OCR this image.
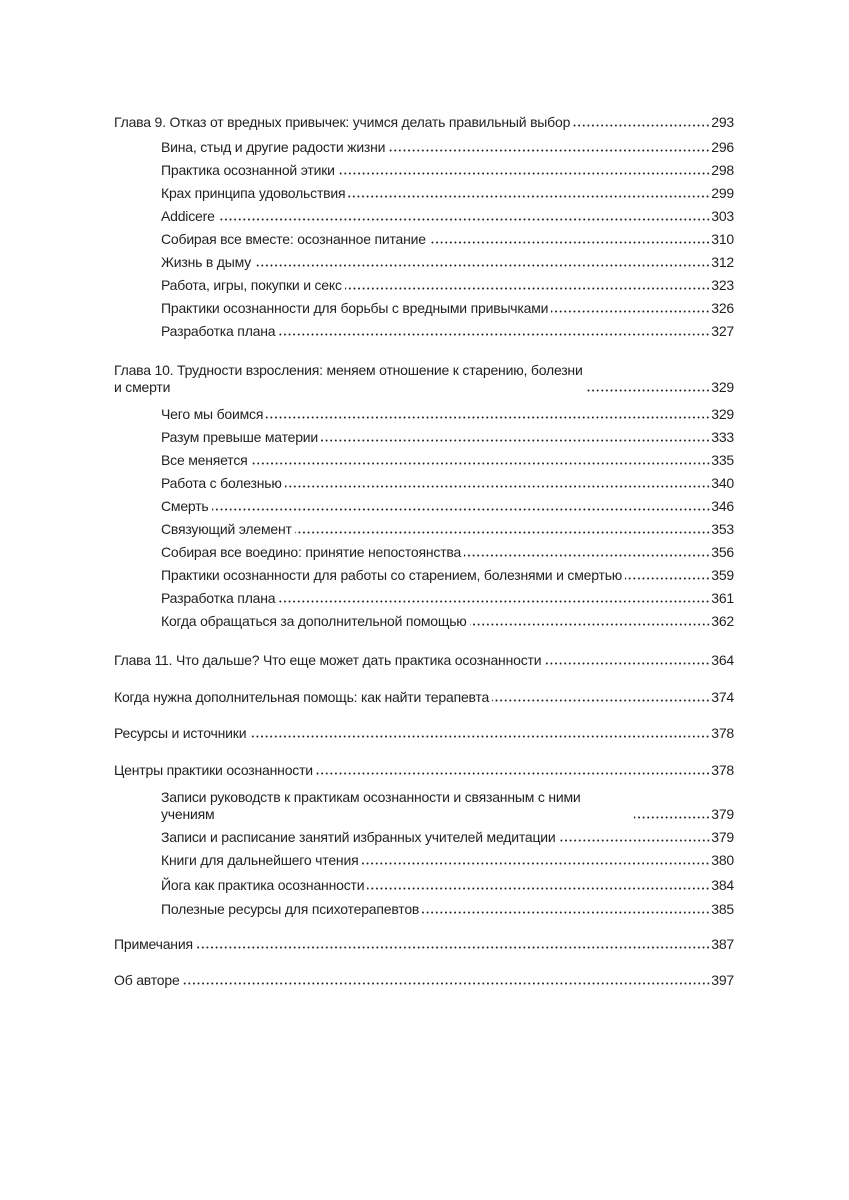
Глава 9. Отказ от вредных привычек: учимся делать правильный выбор	293
Вина, стыд и другие радости жизни	296
Практика осознанной этики	298
Крах принципа удовольствия	299
Addicere	303
Собирая все вместе: осознанное питание	310
Жизнь в дыму	312
Работа, игры, покупки и секс	323
Практики осознанности для борьбы с вредными привычками	326
Разработка плана	327
Глава 10. Трудности взросления: меняем отношение к старению, болезни и смерти	329
Чего мы боимся	329
Разум превыше материи	333
Все меняется	335
Работа с болезнью	340
Смерть	346
Связующий элемент	353
Собирая все воедино: принятие непостоянства	356
Практики осознанности для работы со старением, болезнями и смертью	359
Разработка плана	361
Когда обращаться за дополнительной помощью	362
Глава 11. Что дальше? Что еще может дать практика осознанности	364
Когда нужна дополнительная помощь: как найти терапевта	374
Ресурсы и источники	378
Центры практики осознанности	378
Записи руководств к практикам осознанности и связанным с ними учениям	379
Записи и расписание занятий избранных учителей медитации	379
Книги для дальнейшего чтения	380
Йога как практика осознанности	384
Полезные ресурсы для психотерапевтов	385
Примечания	387
Об авторе	397
